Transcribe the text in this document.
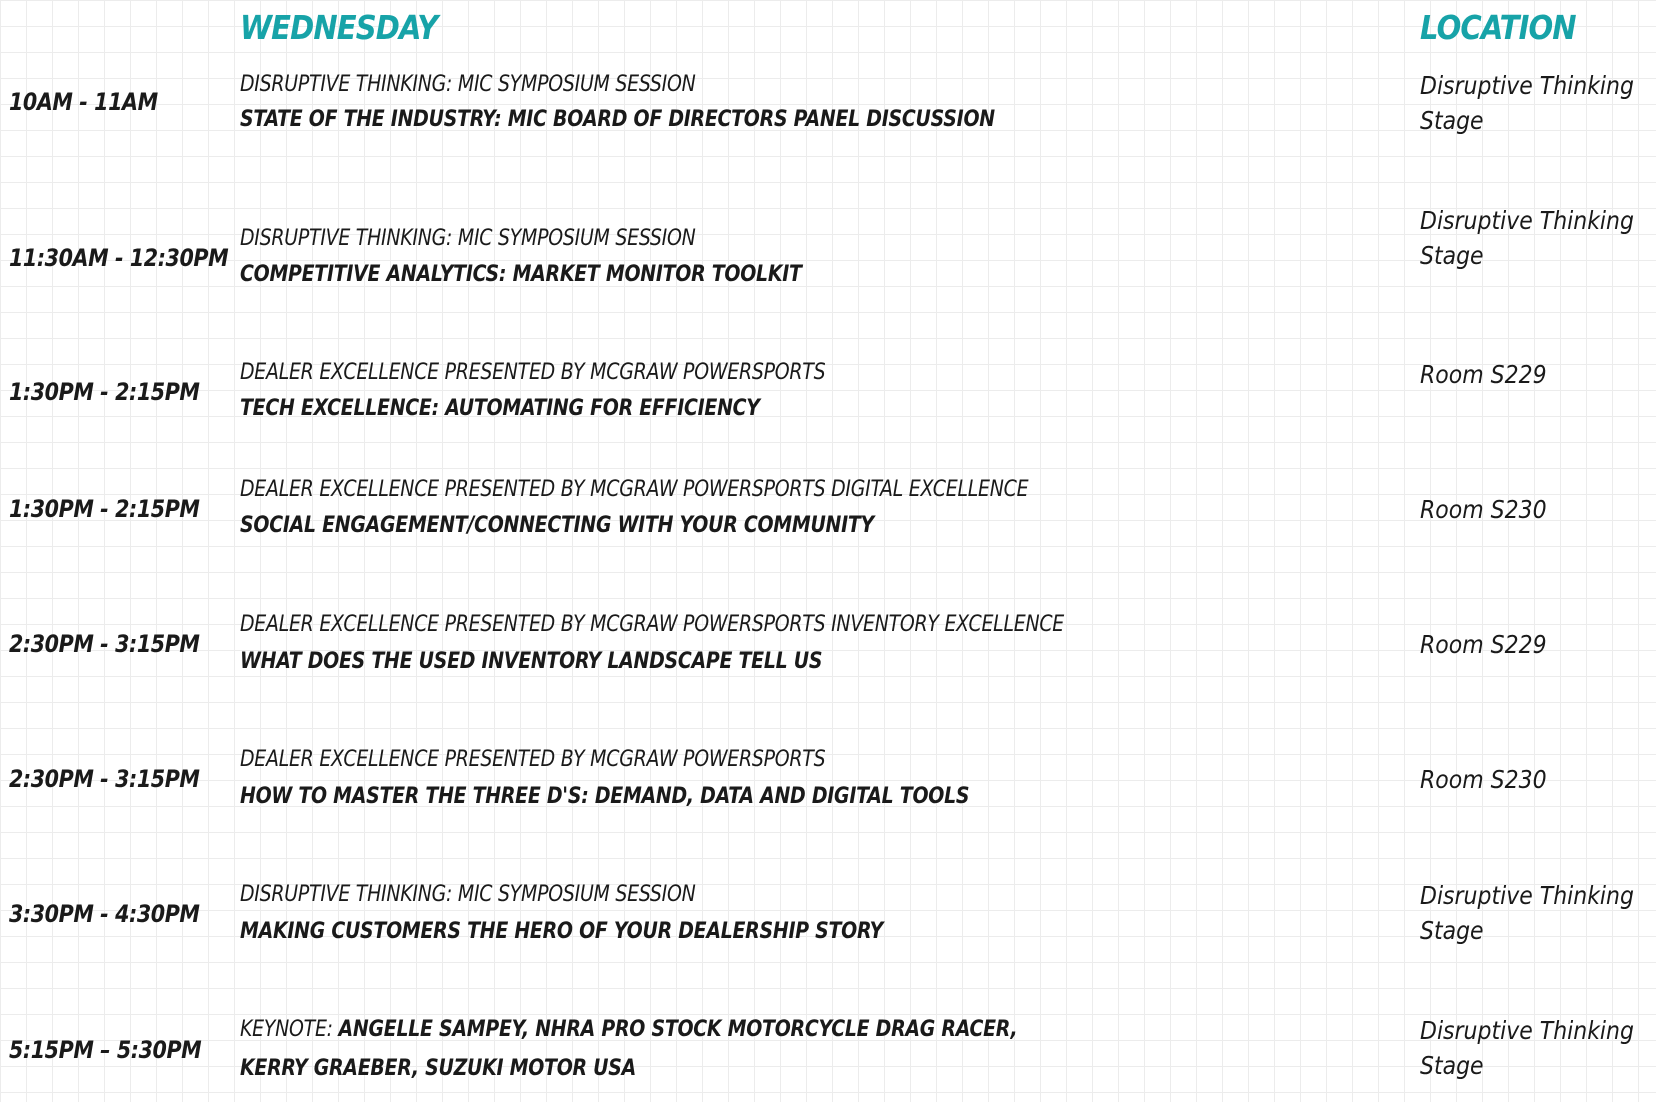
WEDNESDAY	LOCATION
10AM - 11AM
DISRUPTIVE THINKING: MIC SYMPOSIUM SESSION
STATE OF THE INDUSTRY: MIC BOARD OF DIRECTORS PANEL DISCUSSION
Disruptive Thinking Stage
11:30AM - 12:30PM
DISRUPTIVE THINKING: MIC SYMPOSIUM SESSION
COMPETITIVE ANALYTICS: MARKET MONITOR TOOLKIT
Disruptive Thinking Stage
1:30PM - 2:15PM
DEALER EXCELLENCE PRESENTED BY MCGRAW POWERSPORTS
TECH EXCELLENCE: AUTOMATING FOR EFFICIENCY
Room S229
1:30PM - 2:15PM
DEALER EXCELLENCE PRESENTED BY MCGRAW POWERSPORTS DIGITAL EXCELLENCE
SOCIAL ENGAGEMENT/CONNECTING WITH YOUR COMMUNITY
Room S230
2:30PM - 3:15PM
DEALER EXCELLENCE PRESENTED BY MCGRAW POWERSPORTS INVENTORY EXCELLENCE
WHAT DOES THE USED INVENTORY LANDSCAPE TELL US
Room S229
2:30PM - 3:15PM
DEALER EXCELLENCE PRESENTED BY MCGRAW POWERSPORTS
HOW TO MASTER THE THREE D'S: DEMAND, DATA AND DIGITAL TOOLS
Room S230
3:30PM - 4:30PM
DISRUPTIVE THINKING: MIC SYMPOSIUM SESSION
MAKING CUSTOMERS THE HERO OF YOUR DEALERSHIP STORY
Disruptive Thinking Stage
5:15PM – 5:30PM
KEYNOTE: ANGELLE SAMPEY, NHRA PRO STOCK MOTORCYCLE DRAG RACER,
KERRY GRAEBER, SUZUKI MOTOR USA
Disruptive Thinking Stage
